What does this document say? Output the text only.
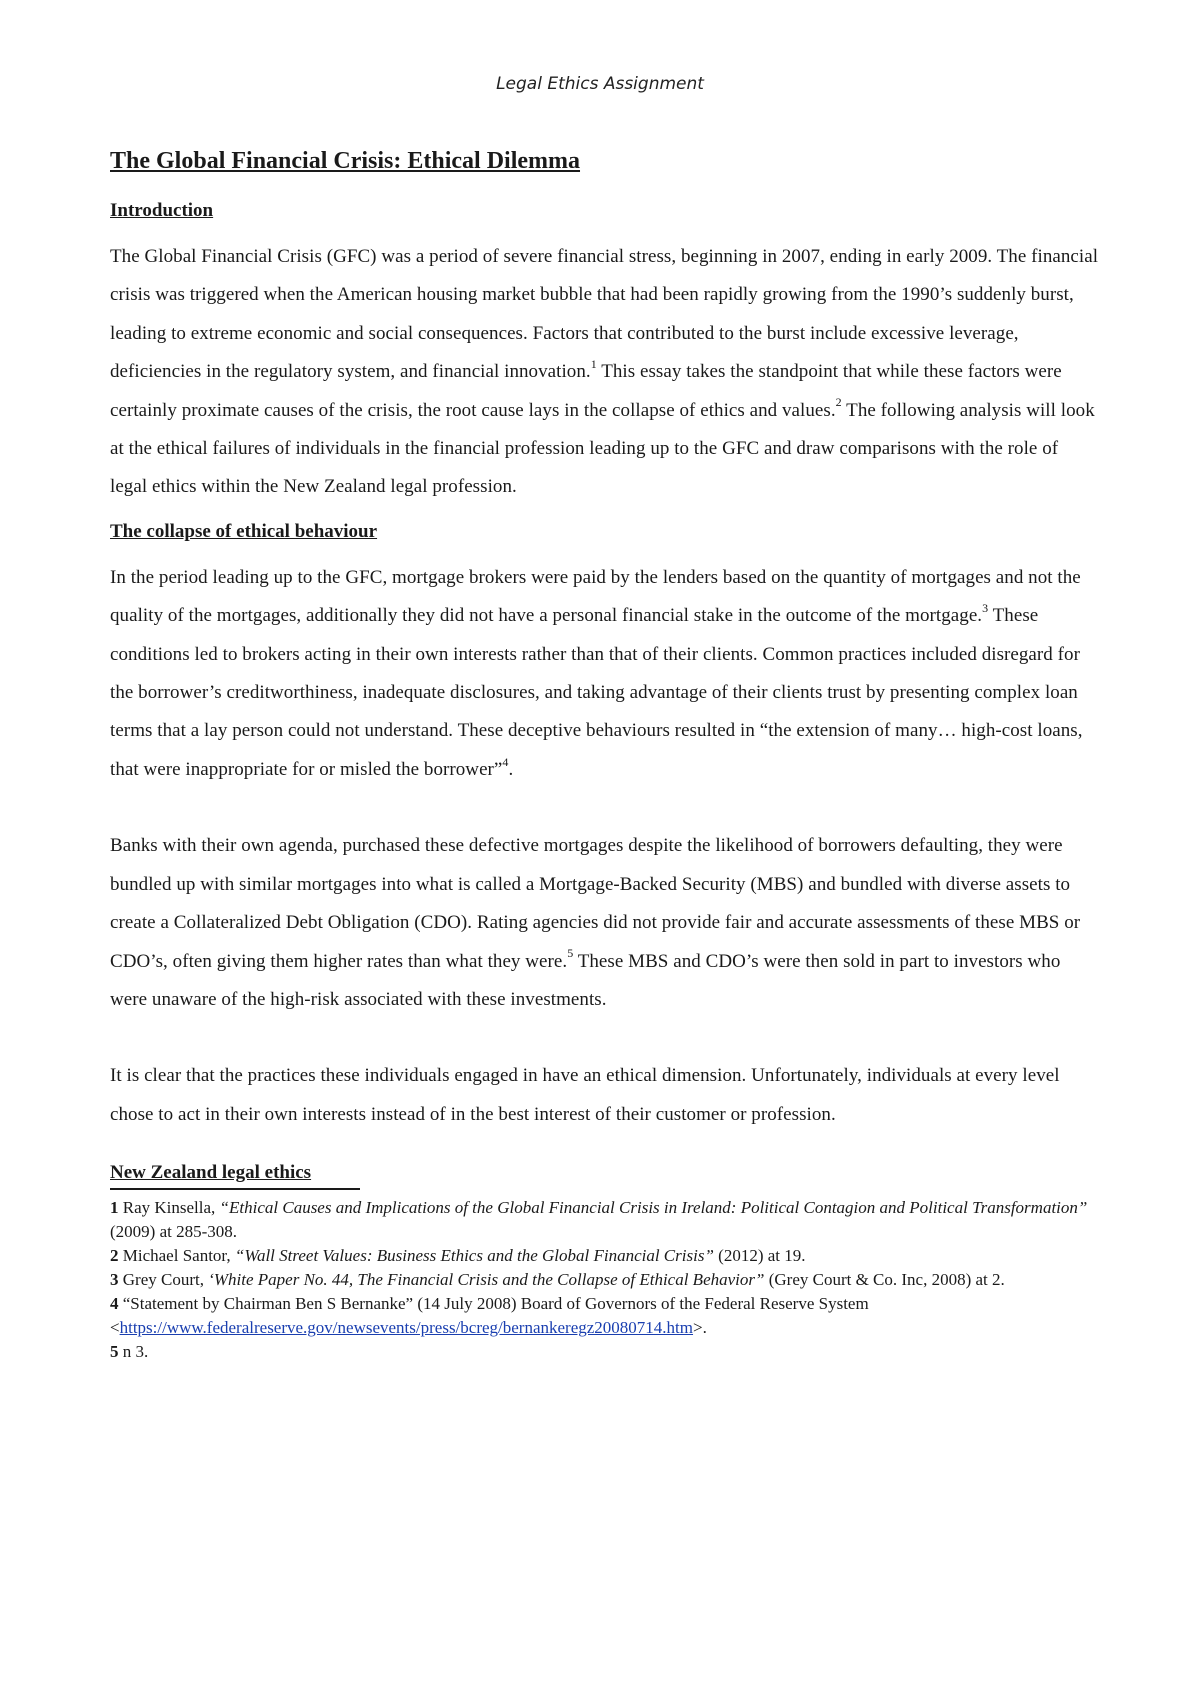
Legal Ethics Assignment
The Global Financial Crisis: Ethical Dilemma
Introduction

The Global Financial Crisis (GFC) was a period of severe financial stress, beginning in 2007, ending in early 2009. The financial crisis was triggered when the American housing market bubble that had been rapidly growing from the 1990’s suddenly burst, leading to extreme economic and social consequences. Factors that contributed to the burst include excessive leverage, deficiencies in the regulatory system, and financial innovation.$^1$ This essay takes the standpoint that while these factors were certainly proximate causes of the crisis, the root cause lays in the collapse of ethics and values.$^2$ The following analysis will look at the ethical failures of individuals in the financial profession leading up to the GFC and draw comparisons with the role of legal ethics within the New Zealand legal profession.

The collapse of ethical behaviour

In the period leading up to the GFC, mortgage brokers were paid by the lenders based on the quantity of mortgages and not the quality of the mortgages, additionally they did not have a personal financial stake in the outcome of the mortgage.$^3$ These conditions led to brokers acting in their own interests rather than that of their clients. Common practices included disregard for the borrower’s creditworthiness, inadequate disclosures, and taking advantage of their clients trust by presenting complex loan terms that a lay person could not understand. These deceptive behaviours resulted in “the extension of many… high-cost loans, that were inappropriate for or misled the borrower”$^4$.

Banks with their own agenda, purchased these defective mortgages despite the likelihood of borrowers defaulting, they were bundled up with similar mortgages into what is called a Mortgage-Backed Security (MBS) and bundled with diverse assets to create a Collateralized Debt Obligation (CDO). Rating agencies did not provide fair and accurate assessments of these MBS or CDO’s, often giving them higher rates than what they were.$^5$ These MBS and CDO’s were then sold in part to investors who were unaware of the high-risk associated with these investments.

It is clear that the practices these individuals engaged in have an ethical dimension. Unfortunately, individuals at every level chose to act in their own interests instead of in the best interest of their customer or profession.

New Zealand legal ethics

1 Ray Kinsella, “Ethical Causes and Implications of the Global Financial Crisis in Ireland: Political Contagion and Political Transformation” (2009) at 285-308.

2 Michael Santor, “Wall Street Values: Business Ethics and the Global Financial Crisis” (2012) at 19.

3 Grey Court, ‘White Paper No. 44, The Financial Crisis and the Collapse of Ethical Behavior” (Grey Court & Co. Inc, 2008) at 2.

4 “Statement by Chairman Ben S Bernanke” (14 July 2008) Board of Governors of the Federal Reserve System <https://www.federalreserve.gov/newsevents/press/bcreg/bernankeregz20080714.htm>.

5 n 3.
